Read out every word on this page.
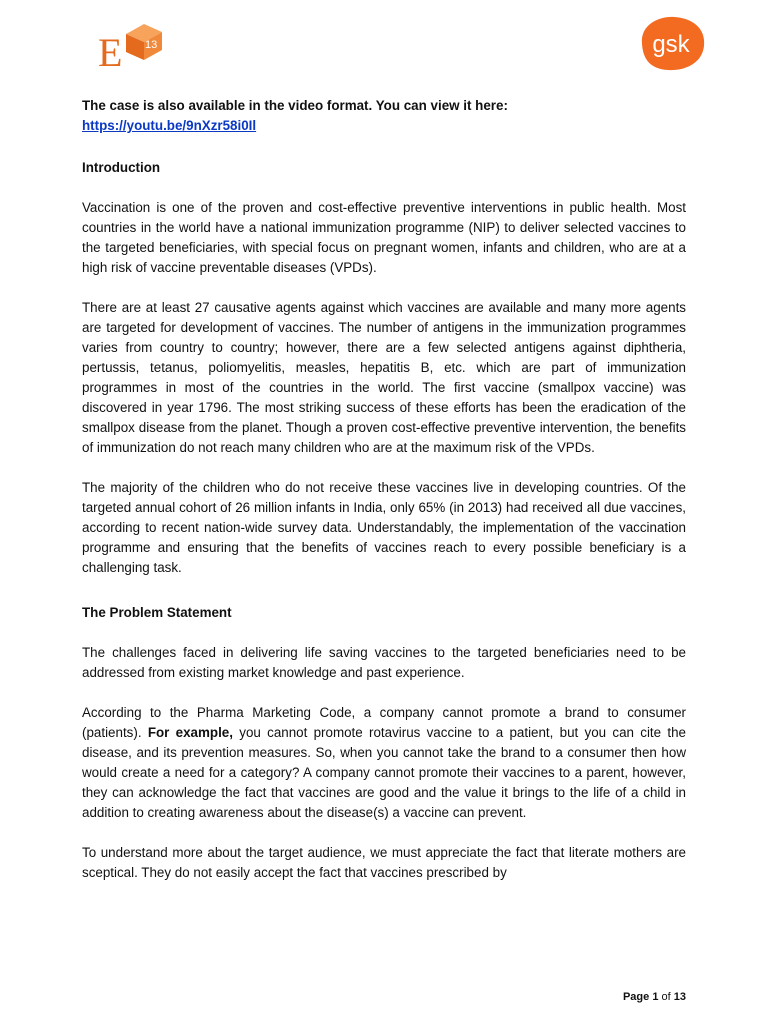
E 13	gsk

The case is also available in the video format. You can view it here:

https://youtu.be/9nXzr58i0Il

Introduction

Vaccination is one of the proven and cost-effective preventive interventions in public health. Most countries in the world have a national immunization programme (NIP) to deliver selected vaccines to the targeted beneficiaries, with special focus on pregnant women, infants and children, who are at a high risk of vaccine preventable diseases (VPDs).

There are at least 27 causative agents against which vaccines are available and many more agents are targeted for development of vaccines. The number of antigens in the immunization programmes varies from country to country; however, there are a few selected antigens against diphtheria, pertussis, tetanus, poliomyelitis, measles, hepatitis B, etc. which are part of immunization programmes in most of the countries in the world. The first vaccine (smallpox vaccine) was discovered in year 1796. The most striking success of these efforts has been the eradication of the smallpox disease from the planet. Though a proven cost-effective preventive intervention, the benefits of immunization do not reach many children who are at the maximum risk of the VPDs.

The majority of the children who do not receive these vaccines live in developing countries. Of the targeted annual cohort of 26 million infants in India, only 65% (in 2013) had received all due vaccines, according to recent nation-wide survey data. Understandably, the implementation of the vaccination programme and ensuring that the benefits of vaccines reach to every possible beneficiary is a challenging task.

The Problem Statement

The challenges faced in delivering life saving vaccines to the targeted beneficiaries need to be addressed from existing market knowledge and past experience.

According to the Pharma Marketing Code, a company cannot promote a brand to consumer (patients). For example, you cannot promote rotavirus vaccine to a patient, but you can cite the disease, and its prevention measures. So, when you cannot take the brand to a consumer then how would create a need for a category? A company cannot promote their vaccines to a parent, however, they can acknowledge the fact that vaccines are good and the value it brings to the life of a child in addition to creating awareness about the disease(s) a vaccine can prevent.

To understand more about the target audience, we must appreciate the fact that literate mothers are sceptical. They do not easily accept the fact that vaccines prescribed by

Page 1 of 13
